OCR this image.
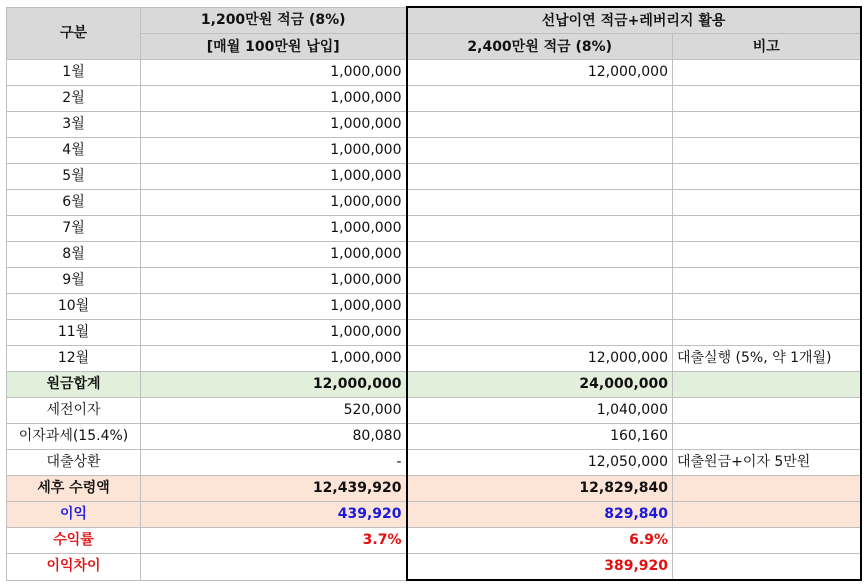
구분	1,200만원 적금 (8%)	선납이연 적금+레버리지 활용	
	[매월 100만원 납입]	2,400만원 적금 (8%)	비고
1월	1,000,000	12,000,000	
2월	1,000,000		
3월	1,000,000		
4월	1,000,000		
5월	1,000,000		
6월	1,000,000		
7월	1,000,000		
8월	1,000,000		
9월	1,000,000		
10월	1,000,000		
11월	1,000,000		
12월	1,000,000	12,000,000	대출실행 (5%, 약 1개월)
원금합계	12,000,000	24,000,000	
세전이자	520,000	1,040,000	
이자과세(15.4%)	80,080	160,160	
대출상환	-	12,050,000	대출원금+이자 5만원
세후 수령액	12,439,920	12,829,840	
이익	439,920	829,840	
수익률	3.7%	6.9%	
이익차이		389,920	
